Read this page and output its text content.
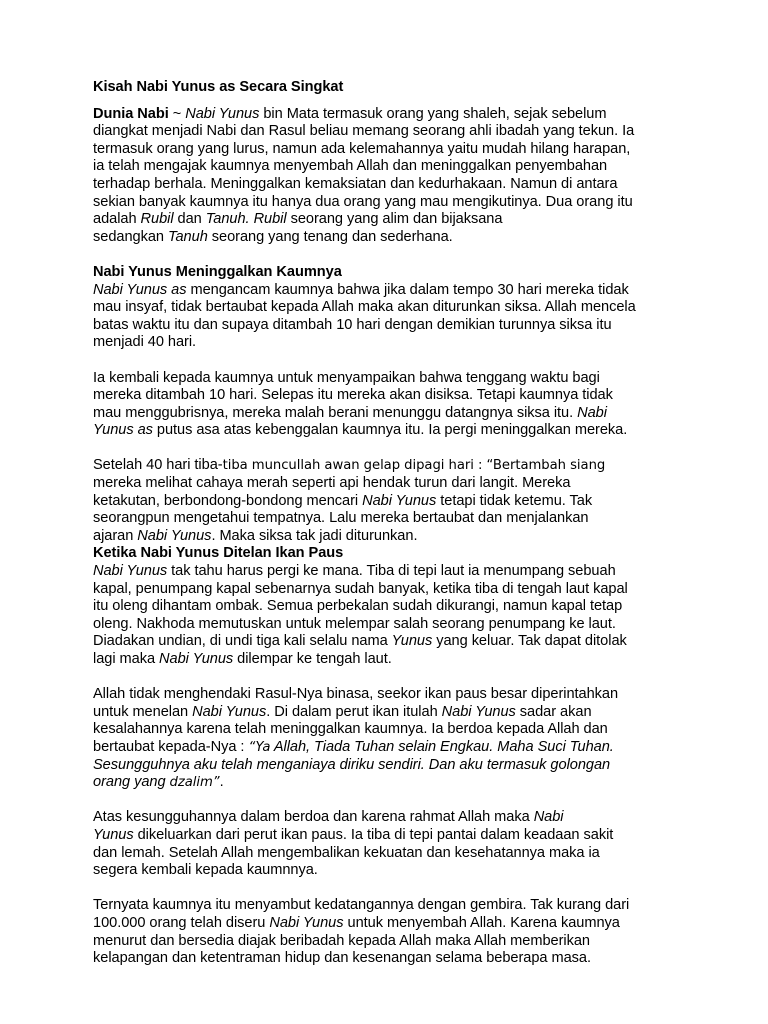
Kisah Nabi Yunus as Secara Singkat
Dunia Nabi ~ Nabi Yunus bin Mata termasuk orang yang shaleh, sejak sebelum
diangkat menjadi Nabi dan Rasul beliau memang seorang ahli ibadah yang tekun. Ia
termasuk orang yang lurus, namun ada kelemahannya yaitu mudah hilang harapan,
ia telah mengajak kaumnya menyembah Allah dan meninggalkan penyembahan
terhadap berhala. Meninggalkan kemaksiatan dan kedurhakaan. Namun di antara
sekian banyak kaumnya itu hanya dua orang yang mau mengikutinya. Dua orang itu
adalah Rubil dan Tanuh. Rubil seorang yang alim dan bijaksana
sedangkan Tanuh seorang yang tenang dan sederhana.
Nabi Yunus Meninggalkan Kaumnya
Nabi Yunus as mengancam kaumnya bahwa jika dalam tempo 30 hari mereka tidak
mau insyaf, tidak bertaubat kepada Allah maka akan diturunkan siksa. Allah mencela
batas waktu itu dan supaya ditambah 10 hari dengan demikian turunnya siksa itu
menjadi 40 hari.
Ia kembali kepada kaumnya untuk menyampaikan bahwa tenggang waktu bagi
mereka ditambah 10 hari. Selepas itu mereka akan disiksa. Tetapi kaumnya tidak
mau menggubrisnya, mereka malah berani menunggu datangnya siksa itu. Nabi
Yunus as putus asa atas kebenggalan kaumnya itu. Ia pergi meninggalkan mereka.
Setelah 40 hari tiba-tiba muncullah awan gelap dipagi hari : “Bertambah siang
mereka melihat cahaya merah seperti api hendak turun dari langit. Mereka
ketakutan, berbondong-bondong mencari Nabi Yunus tetapi tidak ketemu. Tak
seorangpun mengetahui tempatnya. Lalu mereka bertaubat dan menjalankan
ajaran Nabi Yunus. Maka siksa tak jadi diturunkan.
Ketika Nabi Yunus Ditelan Ikan Paus
Nabi Yunus tak tahu harus pergi ke mana. Tiba di tepi laut ia menumpang sebuah
kapal, penumpang kapal sebenarnya sudah banyak, ketika tiba di tengah laut kapal
itu oleng dihantam ombak. Semua perbekalan sudah dikurangi, namun kapal tetap
oleng. Nakhoda memutuskan untuk melempar salah seorang penumpang ke laut.
Diadakan undian, di undi tiga kali selalu nama Yunus yang keluar. Tak dapat ditolak
lagi maka Nabi Yunus dilempar ke tengah laut.
Allah tidak menghendaki Rasul-Nya binasa, seekor ikan paus besar diperintahkan
untuk menelan Nabi Yunus. Di dalam perut ikan itulah Nabi Yunus sadar akan
kesalahannya karena telah meninggalkan kaumnya. Ia berdoa kepada Allah dan
bertaubat kepada-Nya : “Ya Allah, Tiada Tuhan selain Engkau. Maha Suci Tuhan.
Sesungguhnya aku telah menganiaya diriku sendiri. Dan aku termasuk golongan
orang yang dzalim”.
Atas kesungguhannya dalam berdoa dan karena rahmat Allah maka Nabi
Yunus dikeluarkan dari perut ikan paus. Ia tiba di tepi pantai dalam keadaan sakit
dan lemah. Setelah Allah mengembalikan kekuatan dan kesehatannya maka ia
segera kembali kepada kaumnnya.
Ternyata kaumnya itu menyambut kedatangannya dengan gembira. Tak kurang dari
100.000 orang telah diseru Nabi Yunus untuk menyembah Allah. Karena kaumnya
menurut dan bersedia diajak beribadah kepada Allah maka Allah memberikan
kelapangan dan ketentraman hidup dan kesenangan selama beberapa masa.
